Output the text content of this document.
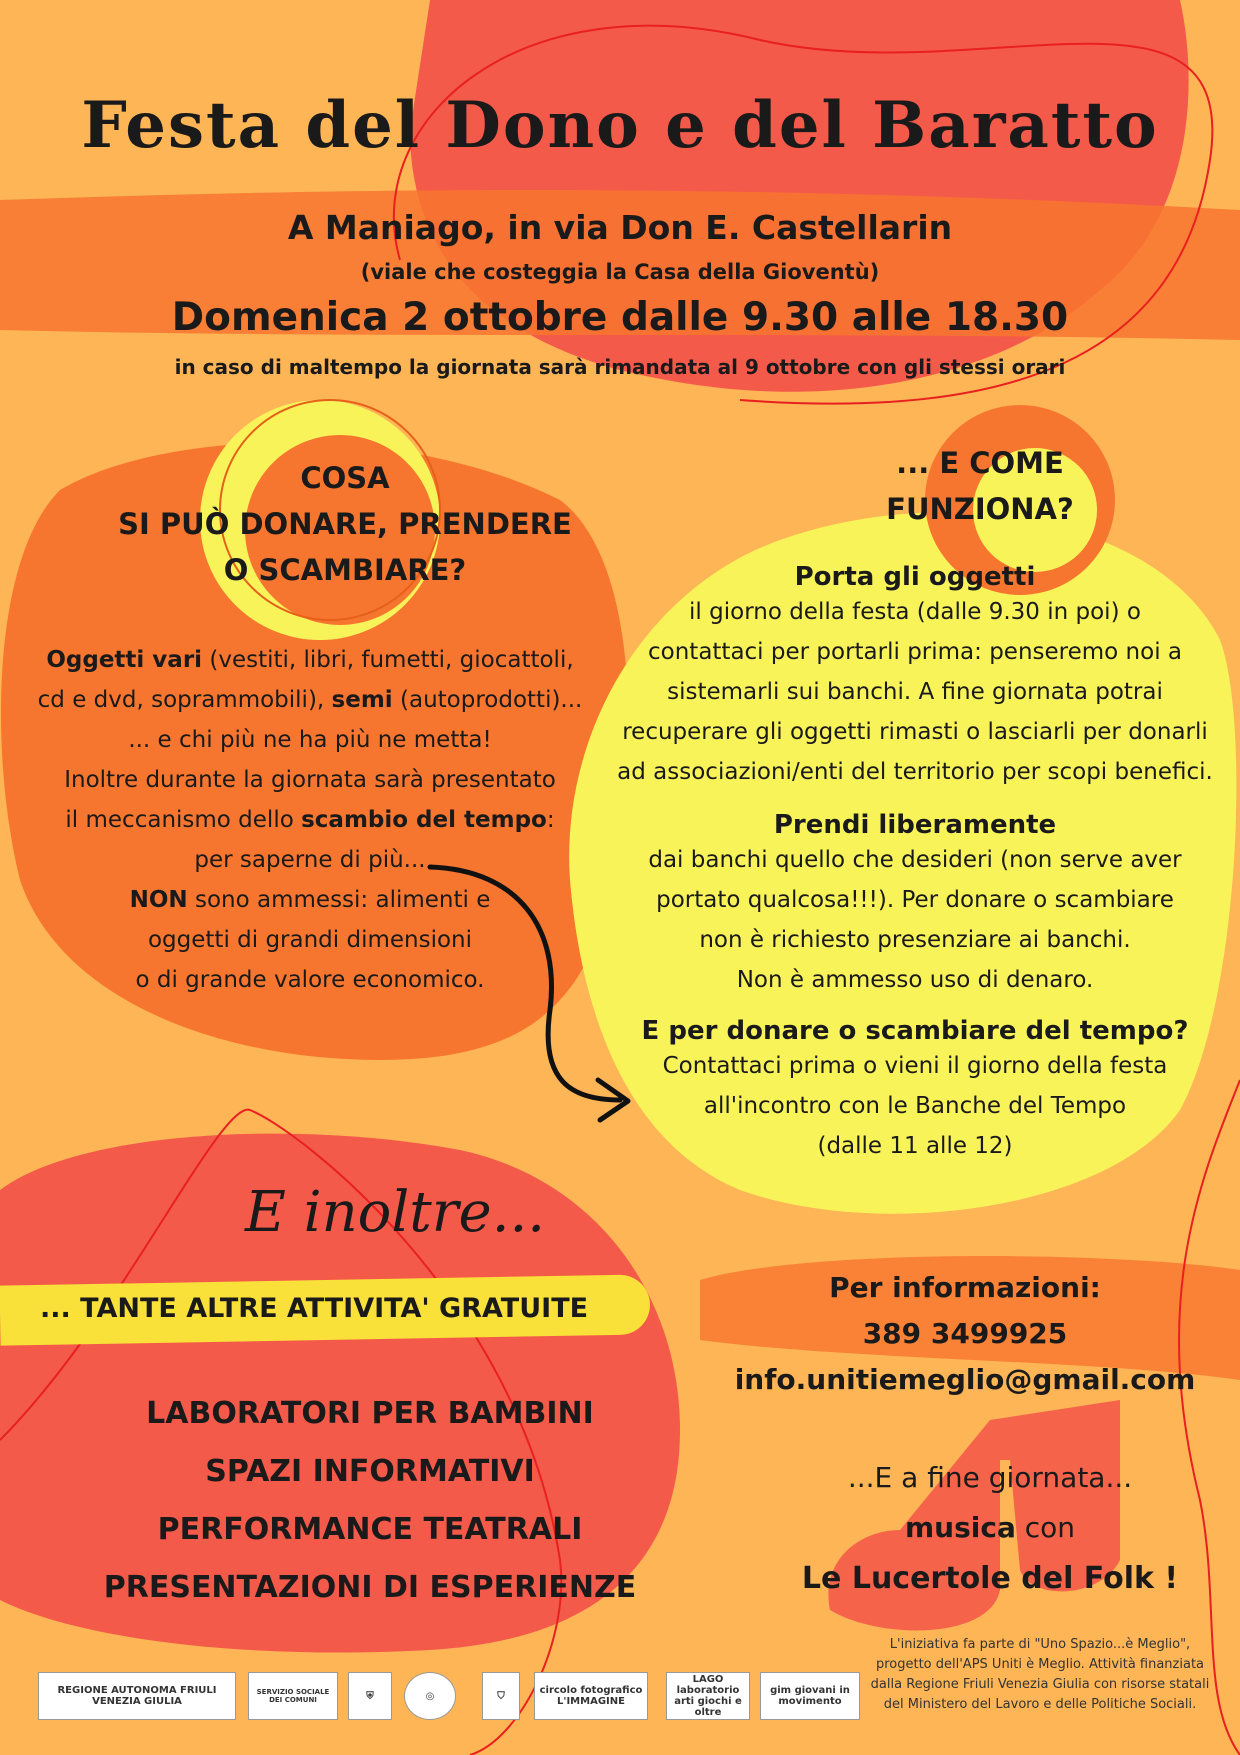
Festa del Dono e del Baratto
A Maniago, in via Don E. Castellarin
(viale che costeggia la Casa della Gioventù)
Domenica 2 ottobre dalle 9.30 alle 18.30
in caso di maltempo la giornata sarà rimandata al 9 ottobre con gli stessi orari
COSA
SI PUÒ DONARE, PRENDERE
O SCAMBIARE?
Oggetti vari (vestiti, libri, fumetti, giocattoli,
cd e dvd, soprammobili), semi (autoprodotti)...
... e chi più ne ha più ne metta!
Inoltre durante la giornata sarà presentato
il meccanismo dello scambio del tempo:
per saperne di più...
NON sono ammessi: alimenti e
oggetti di grandi dimensioni
o di grande valore economico.
... E COME
FUNZIONA?
Porta gli oggetti
il giorno della festa (dalle 9.30 in poi) o
contattaci per portarli prima: penseremo noi a
sistemarli sui banchi. A fine giornata potrai
recuperare gli oggetti rimasti o lasciarli per donarli
ad associazioni/enti del territorio per scopi benefici.
Prendi liberamente
dai banchi quello che desideri (non serve aver
portato qualcosa!!!). Per donare o scambiare
non è richiesto presenziare ai banchi.
Non è ammesso uso di denaro.
E per donare o scambiare del tempo?
Contattaci prima o vieni il giorno della festa
all'incontro con le Banche del Tempo
(dalle 11 alle 12)
E inoltre...
... TANTE ALTRE ATTIVITA' GRATUITE
LABORATORI PER BAMBINI
SPAZI INFORMATIVI
PERFORMANCE TEATRALI
PRESENTAZIONI DI ESPERIENZE
Per informazioni:
389 3499925
info.unitiemeglio@gmail.com
...E a fine giornata...
musica con
Le Lucertole del Folk !
L'iniziativa fa parte di "Uno Spazio...è Meglio", progetto dell'APS Uniti è Meglio. Attività finanziata dalla Regione Friuli Venezia Giulia con risorse statali del Ministero del Lavoro e delle Politiche Sociali.
REGIONE AUTONOMA FRIULI VENEZIA GIULIA
SERVIZIO SOCIALE DEI COMUNI	⛨	◎	⛉	circolo fotografico L'IMMAGINE
LAGO laboratorio arti giochi e oltre
gim giovani in movimento
